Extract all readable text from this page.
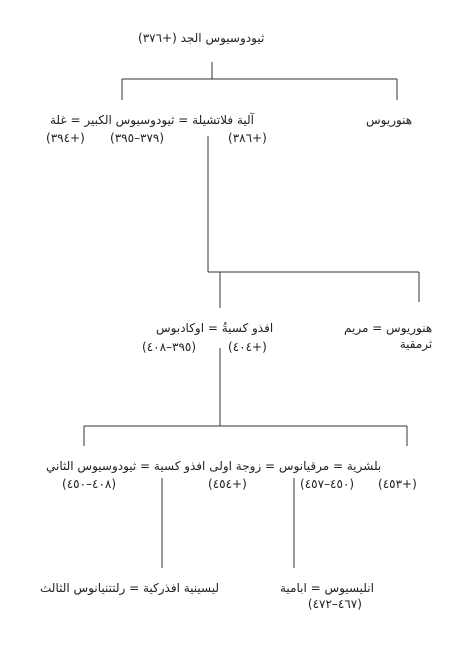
ثيودوسيوس الجد (+٣٧٦)
هنوريوس
آلية فلاتشيلة = ثيودوسيوس الكبير = غلة
(+٣٩٤) (٣٧٩–٣٩٥)	(+٣٨٦)
هنوريوس = مريم
ثرمقية
افذو كسيةُ = اوكادبوس
(٣٩٥–٤٠٨)	(+٤٠٤)
بلشرية = مرقيانوس = زوجة اولى افذو كسية = ثيودوسيوس الثاني
(٤٠٨–٤٥٠)	(+٤٥٤)	(٤٥٠–٤٥٧) (+٤٥٣)
ليسينية افذركية = رلتتنيانوس الثالث	انليسيوس = ابامية
(٤٦٧–٤٧٢)
